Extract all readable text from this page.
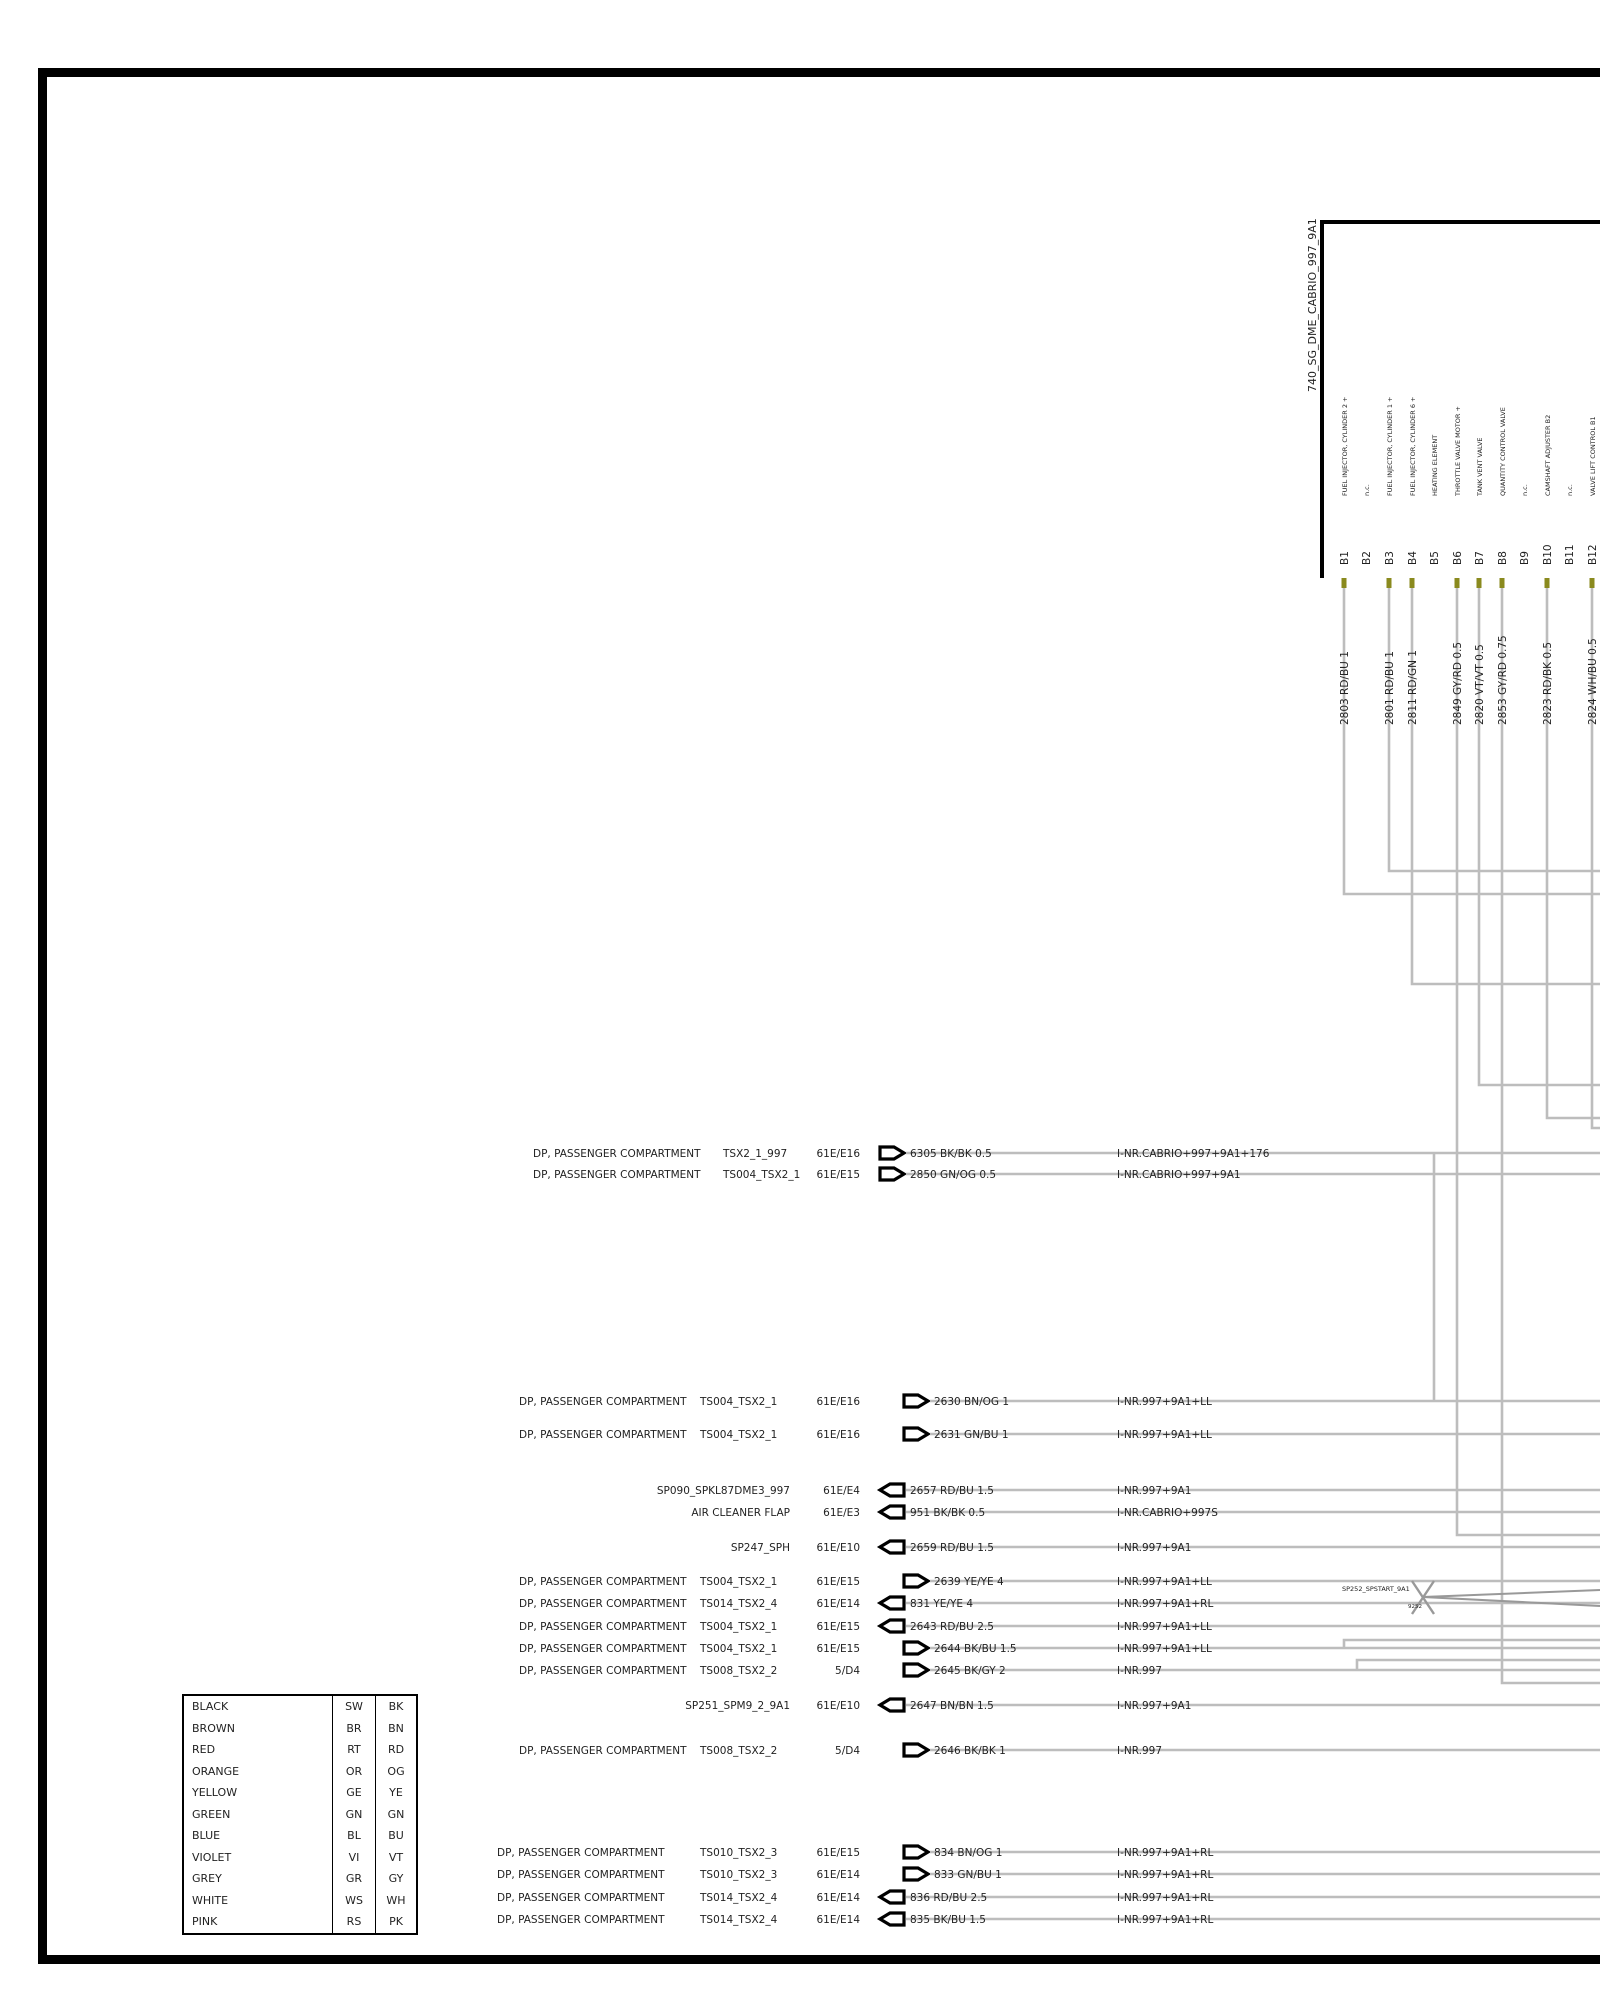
740_SG_DME_CABRIO_997_9A1
B1
FUEL INJECTOR, CYLINDER 2 +
2803 RD/BU 1
B2
n.c.
B3
FUEL INJECTOR, CYLINDER 1 +
2801 RD/BU 1
B4
FUEL INJECTOR, CYLINDER 6 +
2811 RD/GN 1
B5
HEATING ELEMENT
B6
THROTTLE VALVE MOTOR +
2849 GY/RD 0.5
B7
TANK VENT VALVE
2820 VT/VT 0.5
B8
QUANTITY CONTROL VALVE
2853 GY/RD 0.75
B9
n.c.
B10
CAMSHAFT ADJUSTER B2
2823 RD/BK 0.5
B11
n.c.
B12
VALVE LIFT CONTROL B1
2824 WH/BU 0.5
DP, PASSENGER COMPARTMENT TSX2_1_997	61E/E16	6305 BK/BK 0.5	I-NR.CABRIO+997+9A1+176
DP, PASSENGER COMPARTMENT TS004_TSX2_1 61E/E15	2850 GN/OG 0.5	I-NR.CABRIO+997+9A1
DP, PASSENGER COMPARTMENT TS004_TSX2_1	61E/E16	2630 BN/OG 1	I-NR.997+9A1+LL
DP, PASSENGER COMPARTMENT TS004_TSX2_1	61E/E16	2631 GN/BU 1	I-NR.997+9A1+LL
SP090_SPKL87DME3_997	61E/E4	2657 RD/BU 1.5	I-NR.997+9A1
AIR CLEANER FLAP	61E/E3	951 BK/BK 0.5	I-NR.CABRIO+997S
SP247_SPH	61E/E10	2659 RD/BU 1.5	I-NR.997+9A1
DP, PASSENGER COMPARTMENT TS004_TSX2_1	61E/E15	2639 YE/YE 4	I-NR.997+9A1+LL
DP, PASSENGER COMPARTMENT TS014_TSX2_4	61E/E14	831 YE/YE 4	I-NR.997+9A1+RL
DP, PASSENGER COMPARTMENT TS004_TSX2_1	61E/E15	2643 RD/BU 2.5	I-NR.997+9A1+LL
DP, PASSENGER COMPARTMENT TS004_TSX2_1	61E/E15	2644 BK/BU 1.5	I-NR.997+9A1+LL
DP, PASSENGER COMPARTMENT TS008_TSX2_2	5/D4	2645 BK/GY 2	I-NR.997
SP251_SPM9_2_9A1	61E/E10	2647 BN/BN 1.5	I-NR.997+9A1
DP, PASSENGER COMPARTMENT TS008_TSX2_2	5/D4	2646 BK/BK 1	I-NR.997
DP, PASSENGER COMPARTMENT	TS010_TSX2_3	61E/E15	834 BN/OG 1	I-NR.997+9A1+RL
DP, PASSENGER COMPARTMENT	TS010_TSX2_3	61E/E14	833 GN/BU 1	I-NR.997+9A1+RL
DP, PASSENGER COMPARTMENT	TS014_TSX2_4	61E/E14	836 RD/BU 2.5	I-NR.997+9A1+RL
DP, PASSENGER COMPARTMENT	TS014_TSX2_4	61E/E14	835 BK/BU 1.5	I-NR.997+9A1+RL
SP252_SPSTART_9A1
9252
BLACK	SW	BK
BROWN	BR	BN
RED	RT	RD
ORANGE	OR	OG
YELLOW	GE	YE
GREEN	GN	GN
BLUE	BL	BU
VIOLET	VI	VT
GREY	GR	GY
WHITE	WS	WH
PINK	RS	PK
